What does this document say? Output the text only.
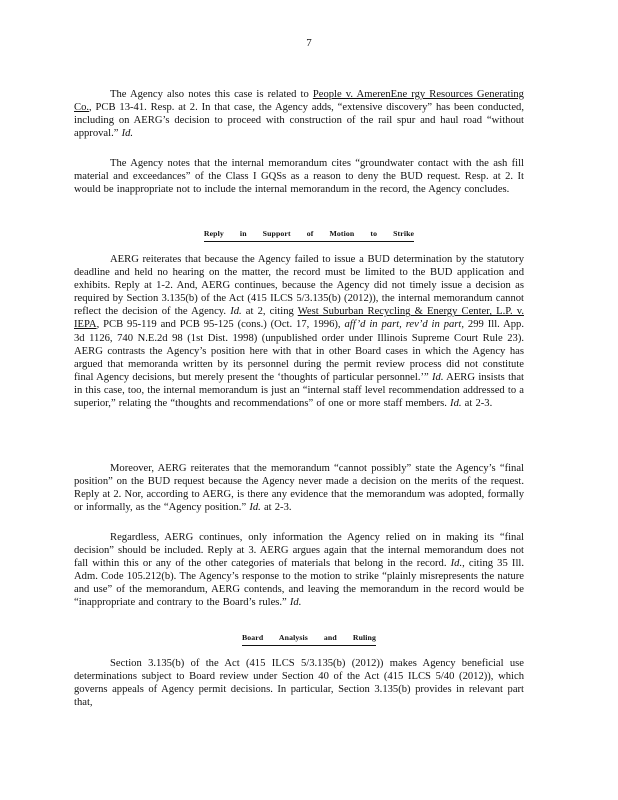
7

The Agency also notes this case is related to People v. AmerenEne rgy Resources Generating Co., PCB 13-41. Resp. at 2. In that case, the Agency adds, “extensive discovery” has been conducted, including on AERG’s decision to proceed with construction of the rail spur and haul road “without approval.” Id.

The Agency notes that the internal memorandum cites “groundwater contact with the ash fill material and exceedances” of the Class I GQSs as a reason to deny the BUD request. Resp. at 2. It would be inappropriate not to include the internal memorandum in the record, the Agency concludes.

Reply in Support of Motion to Strike

AERG reiterates that because the Agency failed to issue a BUD determination by the statutory deadline and held no hearing on the matter, the record must be limited to the BUD application and exhibits. Reply at 1-2. And, AERG continues, because the Agency did not timely issue a decision as required by Section 3.135(b) of the Act (415 ILCS 5/3.135(b) (2012)), the internal memorandum cannot reflect the decision of the Agency. Id. at 2, citing West Suburban Recycling & Energy Center, L.P. v. IEPA, PCB 95-119 and PCB 95-125 (cons.) (Oct. 17, 1996), aff’d in part, rev’d in part, 299 Ill. App. 3d 1126, 740 N.E.2d 98 (1st Dist. 1998) (unpublished order under Illinois Supreme Court Rule 23). AERG contrasts the Agency’s position here with that in other Board cases in which the Agency has argued that memoranda written by its personnel during the permit review process did not constitute final Agency decisions, but merely present the ‘thoughts of particular personnel.’” Id. AERG insists that in this case, too, the internal memorandum is just an “internal staff level recommendation addressed to a superior,” relating the “thoughts and recommendations” of one or more staff members. Id. at 2-3.

Moreover, AERG reiterates that the memorandum “cannot possibly” state the Agency’s “final position” on the BUD request because the Agency never made a decision on the merits of the request. Reply at 2. Nor, according to AERG, is there any evidence that the memorandum was adopted, formally or informally, as the “Agency position.” Id. at 2-3.

Regardless, AERG continues, only information the Agency relied on in making its “final decision” should be included. Reply at 3. AERG argues again that the internal memorandum does not fall within this or any of the other categories of materials that belong in the record. Id., citing 35 Ill. Adm. Code 105.212(b). The Agency’s response to the motion to strike “plainly misrepresents the nature and use” of the memorandum, AERG contends, and leaving the memorandum in the record would be “inappropriate and contrary to the Board’s rules.” Id.

Board Analysis and Ruling

Section 3.135(b) of the Act (415 ILCS 5/3.135(b) (2012)) makes Agency beneficial use determinations subject to Board review under Section 40 of the Act (415 ILCS 5/40 (2012)), which governs appeals of Agency permit decisions. In particular, Section 3.135(b) provides in relevant part that,
